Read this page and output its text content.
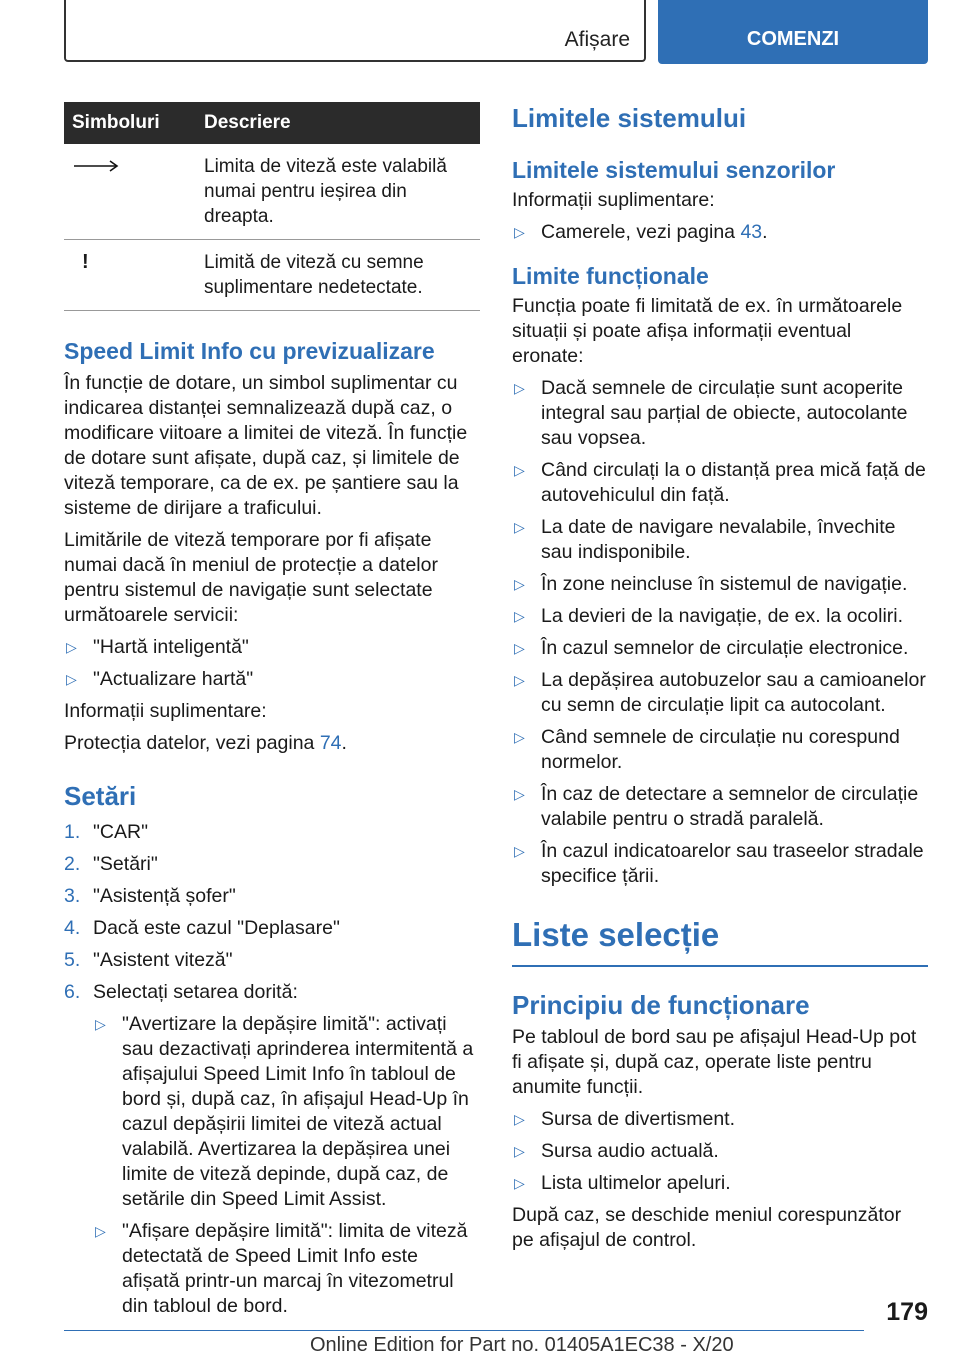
Afișare	COMENZI
Simboluri	Descriere
	Limita de viteză este valabilă numai pentru ieșirea din dreapta.
!	Limită de viteză cu semne suplimentare nedetectate.
Speed Limit Info cu previzualizare

În funcție de dotare, un simbol suplimentar cu indicarea distanței semnalizează după caz, o modificare viitoare a limitei de viteză. În funcție de dotare sunt afișate, după caz, și limitele de viteză temporare, ca de ex. pe șantiere sau la sisteme de dirijare a traficului.

Limitările de viteză temporare por fi afișate numai dacă în meniul de protecție a datelor pentru sistemul de navigație sunt selectate următoarele servicii:

▷ "Hartă inteligentă"
▷ "Actualizare hartă"

Informații suplimentare:

Protecția datelor, vezi pagina 74.

Setări
1. "CAR"
2. "Setări"
3. "Asistență șofer"
4. Dacă este cazul "Deplasare"
5. "Asistent viteză"
6. Selectați setarea dorită:
▷ "Avertizare la depășire limită": activați sau dezactivați aprinderea intermitentă a afișajului Speed Limit Info în tabloul de bord și, după caz, în afișajul Head-Up în cazul depășirii limitei de viteză actual valabilă. Avertizarea la depășirea unei limite de viteză depinde, după caz, de setările din Speed Limit Assist.
▷ "Afișare depășire limită": limita de viteză detectată de Speed Limit Info este afișată printr-un marcaj în vitezometrul din tabloul de bord.
Limitele sistemului
Limitele sistemului senzorilor

Informații suplimentare:

▷ Camerele, vezi pagina 43.
Limite funcționale

Funcția poate fi limitată de ex. în următoarele situații și poate afișa informații eventual eronate:

▷ Dacă semnele de circulație sunt acoperite integral sau parțial de obiecte, autocolante sau vopsea.
▷ Când circulați la o distanță prea mică față de autovehiculul din față.
▷ La date de navigare nevalabile, învechite sau indisponibile.
▷ În zone neincluse în sistemul de navigație.
▷ La devieri de la navigație, de ex. la ocoliri.
▷ În cazul semnelor de circulație electronice.
▷ La depășirea autobuzelor sau a camioanelor cu semn de circulație lipit ca autocolant.
▷ Când semnele de circulație nu corespund normelor.
▷ În caz de detectare a semnelor de circulație valabile pentru o stradă paralelă.
▷ În cazul indicatoarelor sau traseelor stradale specifice țării.
Liste selecție
Principiu de funcționare

Pe tabloul de bord sau pe afișajul Head-Up pot fi afișate și, după caz, operate liste pentru anumite funcții.

▷ Sursa de divertisment.
▷ Sursa audio actuală.
▷ Lista ultimelor apeluri.

După caz, se deschide meniul corespunzător pe afișajul de control.

179
Online Edition for Part no. 01405A1EC38 - X/20
